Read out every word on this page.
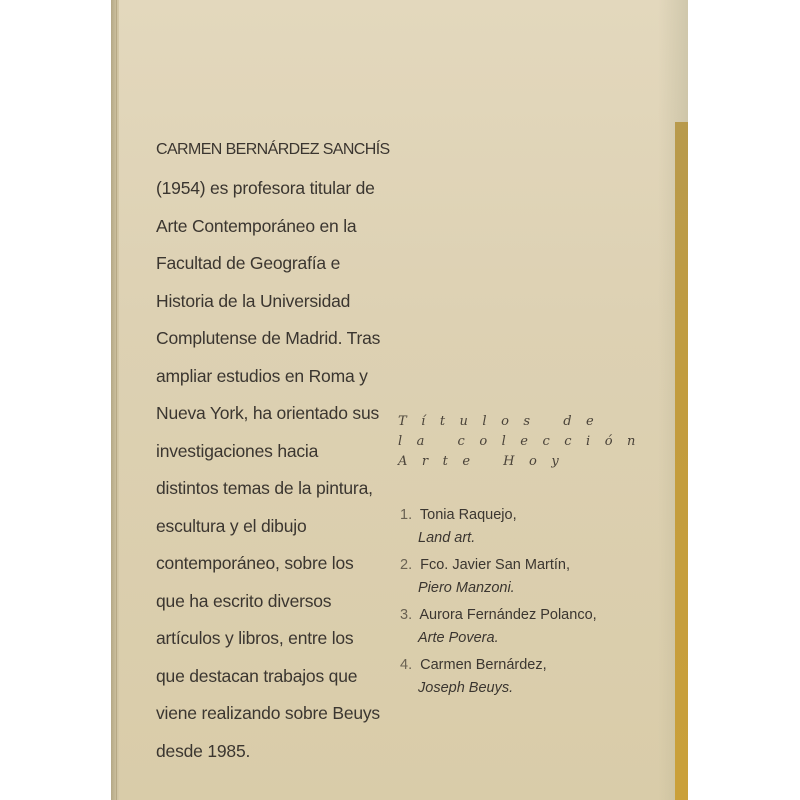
CARMEN BERNÁRDEZ SANCHÍS
(1954) es profesora titular de
Arte Contemporáneo en la
Facultad de Geografía e
Historia de la Universidad
Complutense de Madrid. Tras
ampliar estudios en Roma y
Nueva York, ha orientado sus
investigaciones hacia
distintos temas de la pintura,
escultura y el dibujo
contemporáneo, sobre los
que ha escrito diversos
artículos y libros, entre los
que destacan trabajos que
viene realizando sobre Beuys
desde 1985.
Títulos de
la colección
Arte Hoy
1. Tonia Raquejo,
Land art.
2. Fco. Javier San Martín,
Piero Manzoni.
3. Aurora Fernández Polanco,
Arte Povera.
4. Carmen Bernárdez,
Joseph Beuys.
